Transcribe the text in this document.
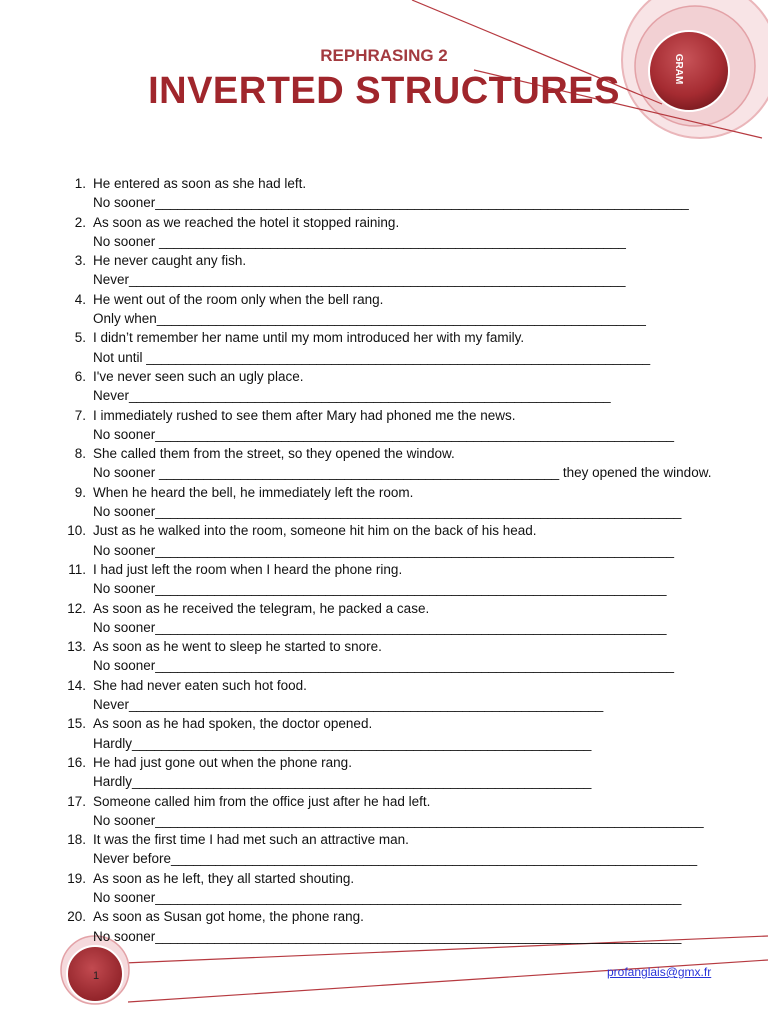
REPHRASING 2
INVERTED STRUCTURES
GRAM
1. He entered as soon as she had left.
No sooner________________________________________________________________________
2. As soon as we reached the hotel it stopped raining.
No sooner _______________________________________________________________
3. He never caught any fish.
Never___________________________________________________________________
4. He went out of the room only when the bell rang.
Only when__________________________________________________________________
5. I didn’t remember her name until my mom introduced her with my family.
Not until ____________________________________________________________________
6. I've never seen such an ugly place.
Never_________________________________________________________________
7. I immediately rushed to see them after Mary had phoned me the news.
No sooner______________________________________________________________________
8. She called them from the street, so they opened the window.
No sooner ______________________________________________________ they opened the window.
9. When he heard the bell, he immediately left the room.
No sooner_______________________________________________________________________
10. Just as he walked into the room, someone hit him on the back of his head.
No sooner______________________________________________________________________
11. I had just left the room when I heard the phone ring.
No sooner_____________________________________________________________________
12. As soon as he received the telegram, he packed a case.
No sooner_____________________________________________________________________
13. As soon as he went to sleep he started to snore.
No sooner______________________________________________________________________
14. She had never eaten such hot food.
Never________________________________________________________________
15. As soon as he had spoken, the doctor opened.
Hardly______________________________________________________________
16. He had just gone out when the phone rang.
Hardly______________________________________________________________
17. Someone called him from the office just after he had left.
No sooner__________________________________________________________________________
18. It was the first time I had met such an attractive man.
Never before_______________________________________________________________________
19. As soon as he left, they all started shouting.
No sooner_______________________________________________________________________
20. As soon as Susan got home, the phone rang.
No sooner_______________________________________________________________________
1	profanglais@gmx.fr
